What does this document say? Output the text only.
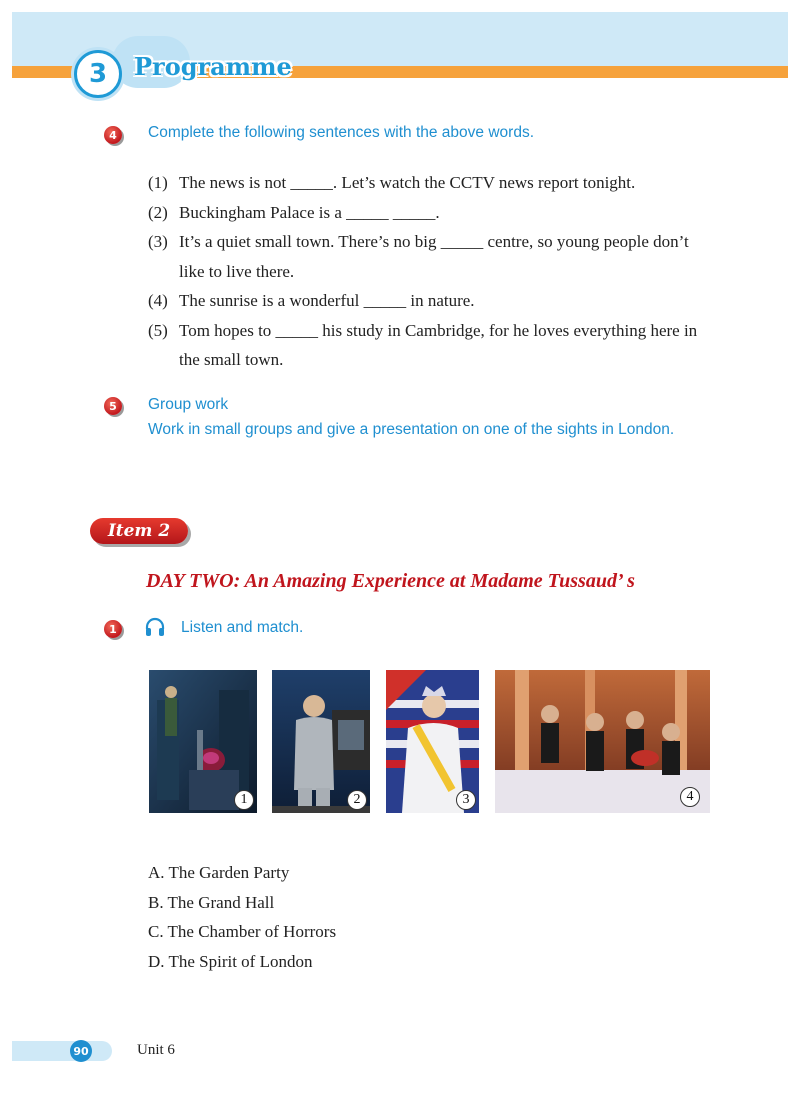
3	Programme
4	Complete the following sentences with the above words.
(1) The news is not _____. Let’s watch the CCTV news report tonight.
(2) Buckingham Palace is a _____ _____.
(3) It’s a quiet small town. There’s no big _____ centre, so young people don’t like to live there.
(4) The sunrise is a wonderful _____ in nature.
(5) Tom hopes to _____ his study in Cambridge, for he loves everything here in the small town.
5	Group work
Work in small groups and give a presentation on one of the sights in London.
Item 2
DAY TWO: An Amazing Experience at Madame Tussaud’ s
1	Listen and match.
1	2	3	4
A. The Garden Party
B. The Grand Hall
C. The Chamber of Horrors
D. The Spirit of London
90	Unit 6
